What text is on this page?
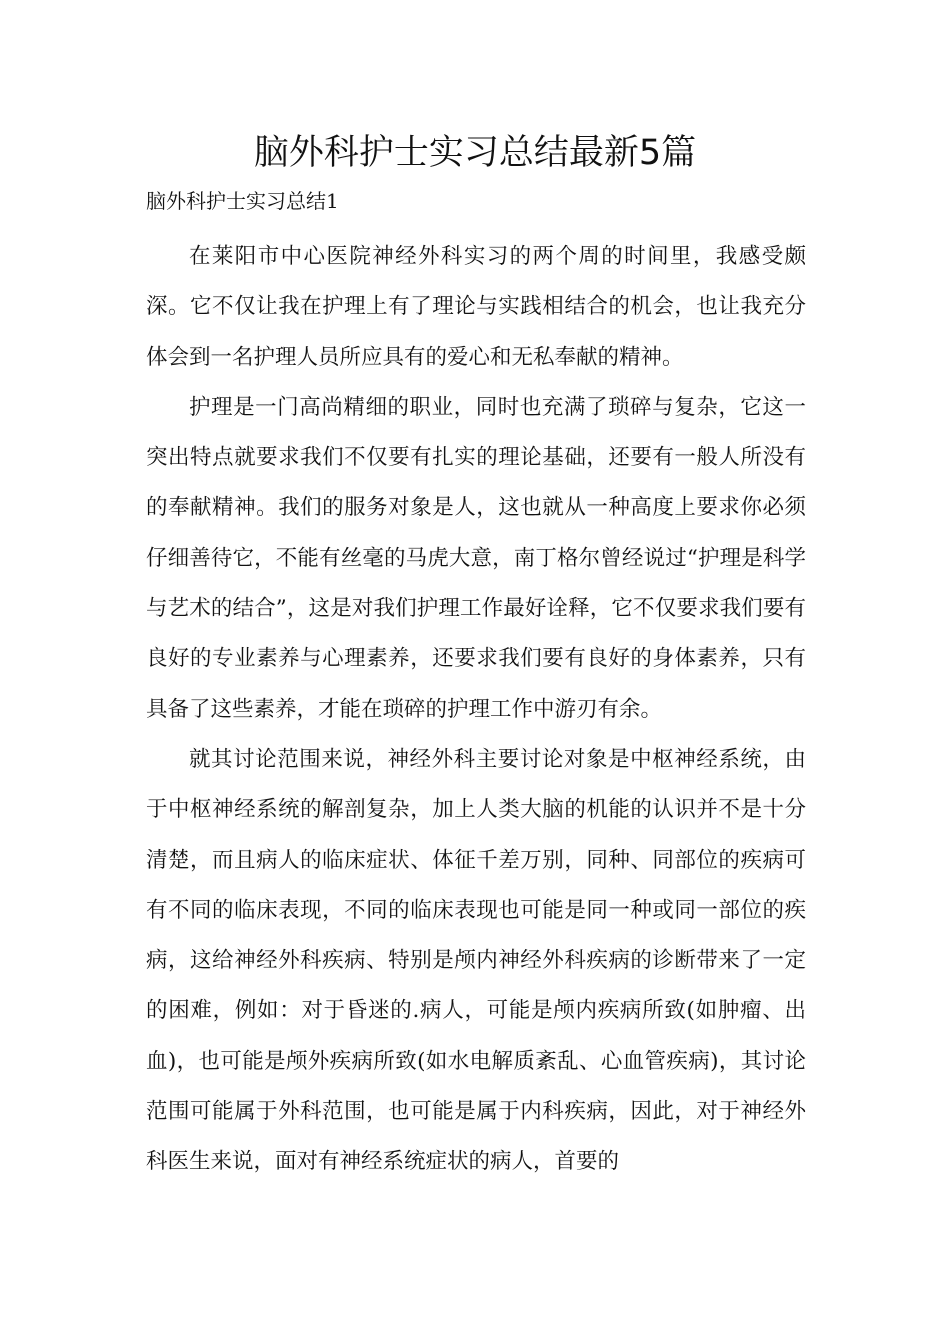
脑外科护士实习总结最新5篇

脑外科护士实习总结1

在莱阳市中心医院神经外科实习的两个周的时间里，我感受颇深。它不仅让我在护理上有了理论与实践相结合的机会，也让我充分体会到一名护理人员所应具有的爱心和无私奉献的精神。

护理是一门高尚精细的职业，同时也充满了琐碎与复杂，它这一突出特点就要求我们不仅要有扎实的理论基础，还要有一般人所没有的奉献精神。我们的服务对象是人，这也就从一种高度上要求你必须仔细善待它，不能有丝毫的马虎大意，南丁格尔曾经说过“护理是科学与艺术的结合”，这是对我们护理工作最好诠释，它不仅要求我们要有良好的专业素养与心理素养，还要求我们要有良好的身体素养，只有具备了这些素养，才能在琐碎的护理工作中游刃有余。

就其讨论范围来说，神经外科主要讨论对象是中枢神经系统，由于中枢神经系统的解剖复杂，加上人类大脑的机能的认识并不是十分清楚，而且病人的临床症状、体征千差万别，同种、同部位的疾病可有不同的临床表现，不同的临床表现也可能是同一种或同一部位的疾病，这给神经外科疾病、特别是颅内神经外科疾病的诊断带来了一定的困难，例如：对于昏迷的.病人，可能是颅内疾病所致(如肿瘤、出血)，也可能是颅外疾病所致(如水电解质紊乱、心血管疾病)，其讨论范围可能属于外科范围，也可能是属于内科疾病，因此，对于神经外科医生来说，面对有神经系统症状的病人，首要的
